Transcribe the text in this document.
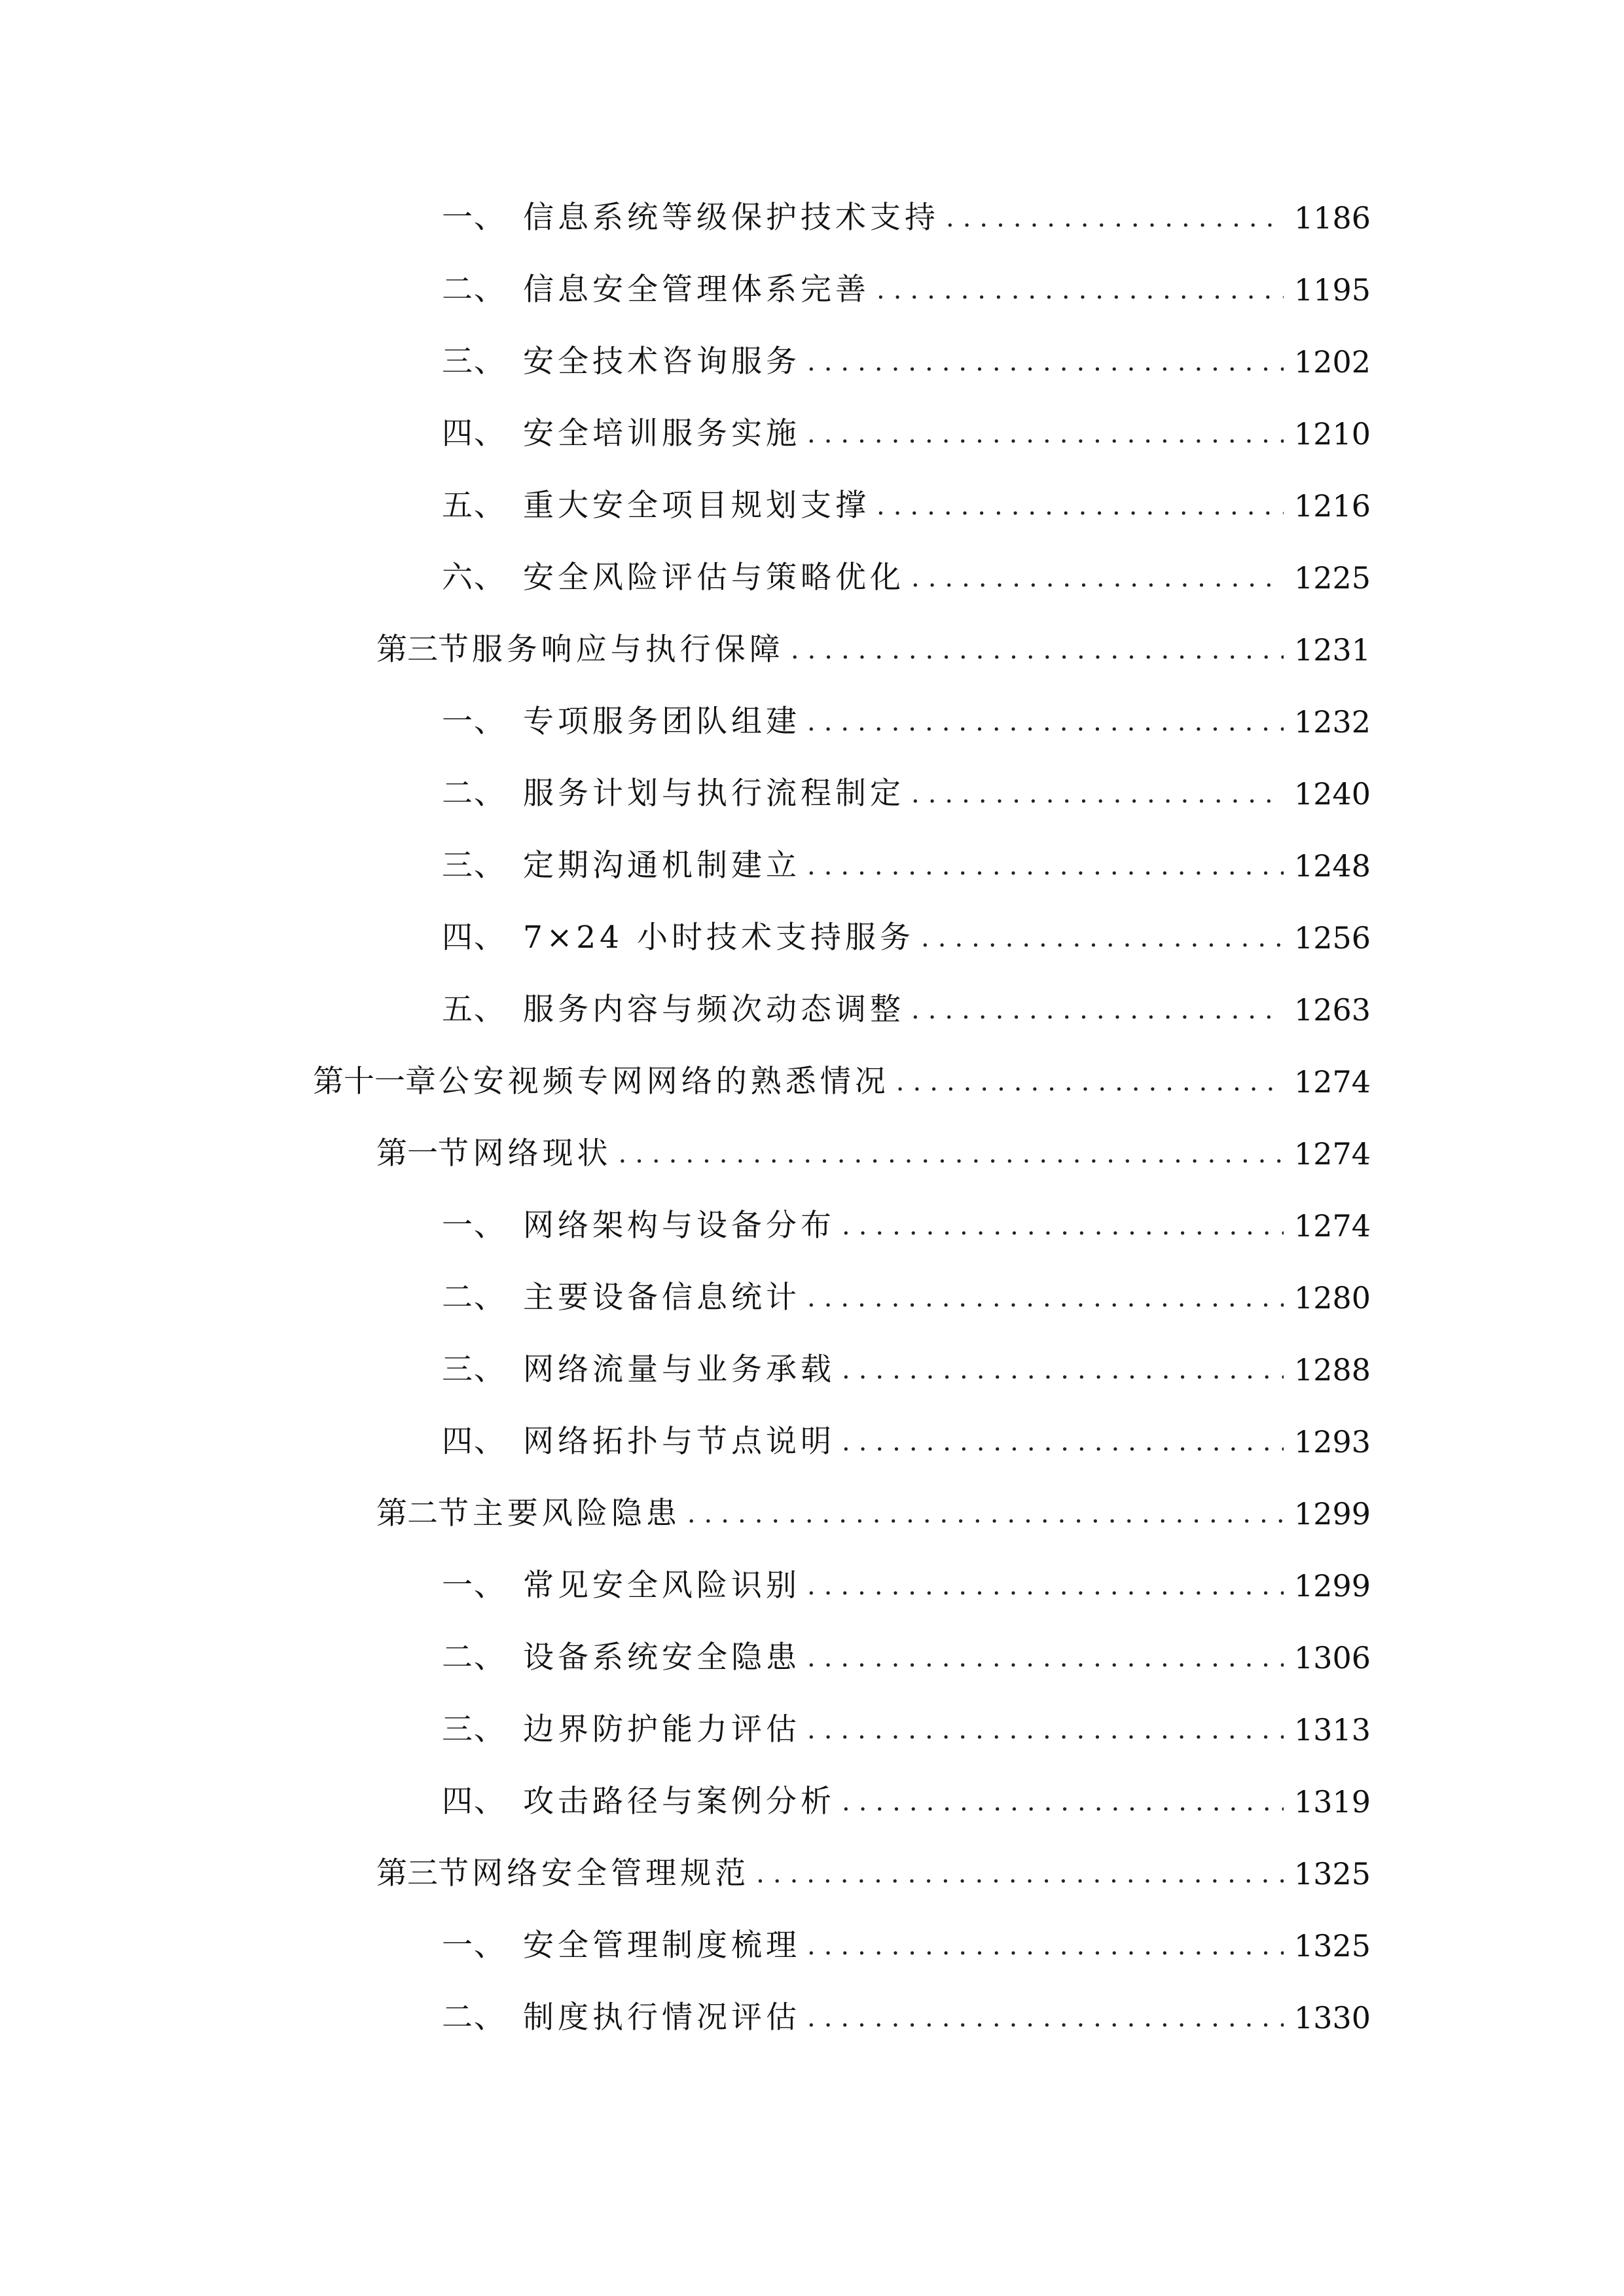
一、 信息系统等级保护技术支持 .....	1186
二、 信息安全管理体系完善 .....	1195
三、 安全技术咨询服务 .....	1202
四、 安全培训服务实施 .....	1210
五、 重大安全项目规划支撑 .....	1216
六、 安全风险评估与策略优化 .....	1225
第三节 服务响应与执行保障 .....	1231
一、 专项服务团队组建 .....	1232
二、 服务计划与执行流程制定 .....	1240
三、 定期沟通机制建立 .....	1248
四、 7×24 小时技术支持服务 .....	1256
五、 服务内容与频次动态调整 .....	1263
第十一章 公安视频专网网络的熟悉情况 .....	1274
第一节 网络现状 .....	1274
一、 网络架构与设备分布 .....	1274
二、 主要设备信息统计 .....	1280
三、 网络流量与业务承载 .....	1288
四、 网络拓扑与节点说明 .....	1293
第二节 主要风险隐患 .....	1299
一、 常见安全风险识别 .....	1299
二、 设备系统安全隐患 .....	1306
三、 边界防护能力评估 .....	1313
四、 攻击路径与案例分析 .....	1319
第三节 网络安全管理规范 .....	1325
一、 安全管理制度梳理 .....	1325
二、 制度执行情况评估 .....	1330
